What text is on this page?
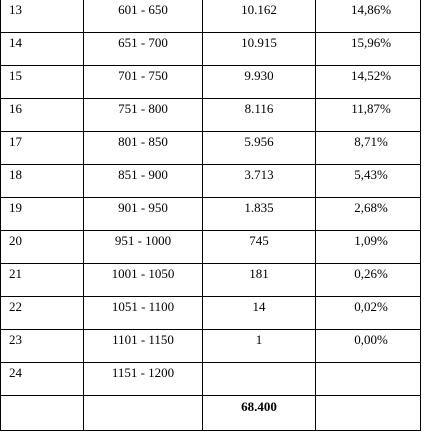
13	601 - 650	10.162	14,86%

14	651 - 700	10.915	15,96%

15	701 - 750	9.930	14,52%

16	751 - 800	8.116	11,87%

17	801 - 850	5.956	8,71%

18	851 - 900	3.713	5,43%

19	901 - 950	1.835	2,68%

20	951 - 1000	745	1,09%

21	1001 - 1050	181	0,26%

22	1051 - 1100	14	0,02%

23	1101 - 1150	1	0,00%

24	1151 - 1200		

		68.400	
